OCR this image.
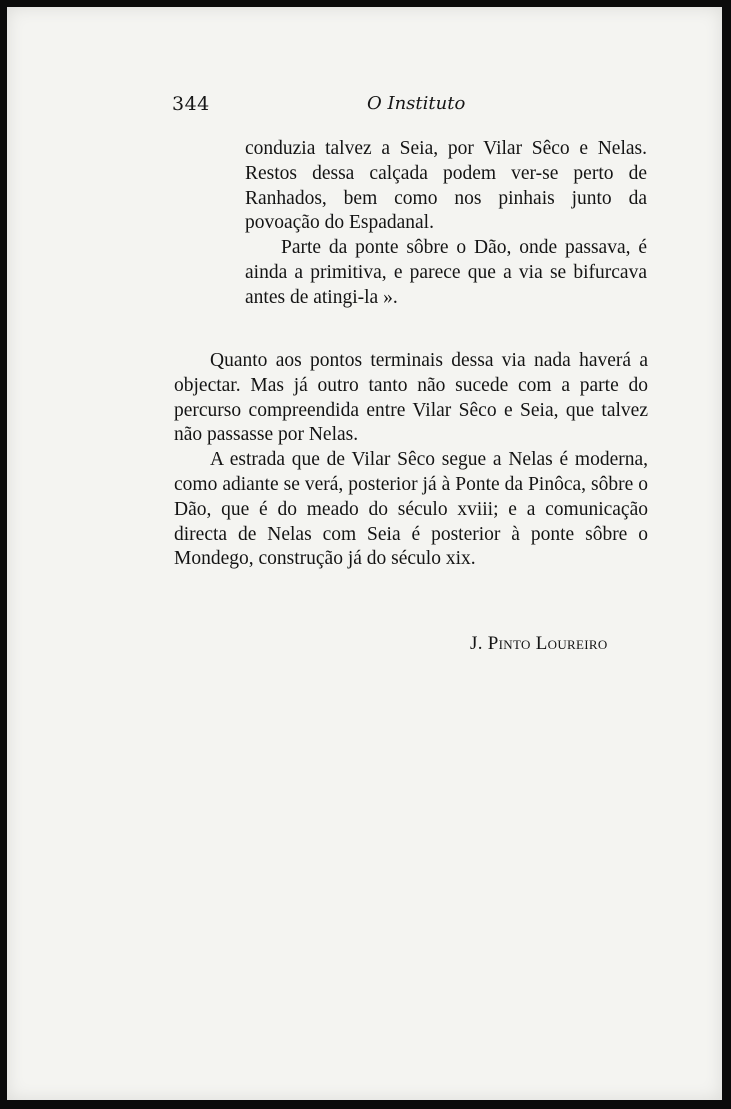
344	O Instituto

conduzia talvez a Seia, por Vilar Sêco e Nelas. Restos dessa calçada podem ver-se perto de Ranhados, bem como nos pinhais junto da povoação do Espadanal.

Parte da ponte sôbre o Dão, onde passava, é ainda a primitiva, e parece que a via se bifurcava antes de atingi-la ».

Quanto aos pontos terminais dessa via nada haverá a objectar. Mas já outro tanto não sucede com a parte do percurso compreendida entre Vilar Sêco e Seia, que talvez não passasse por Nelas.

A estrada que de Vilar Sêco segue a Nelas é moderna, como adiante se verá, posterior já à Ponte da Pinôca, sôbre o Dão, que é do meado do século xviii; e a comunicação directa de Nelas com Seia é posterior à ponte sôbre o Mondego, construção já do século xix.

J. Pinto Loureiro
